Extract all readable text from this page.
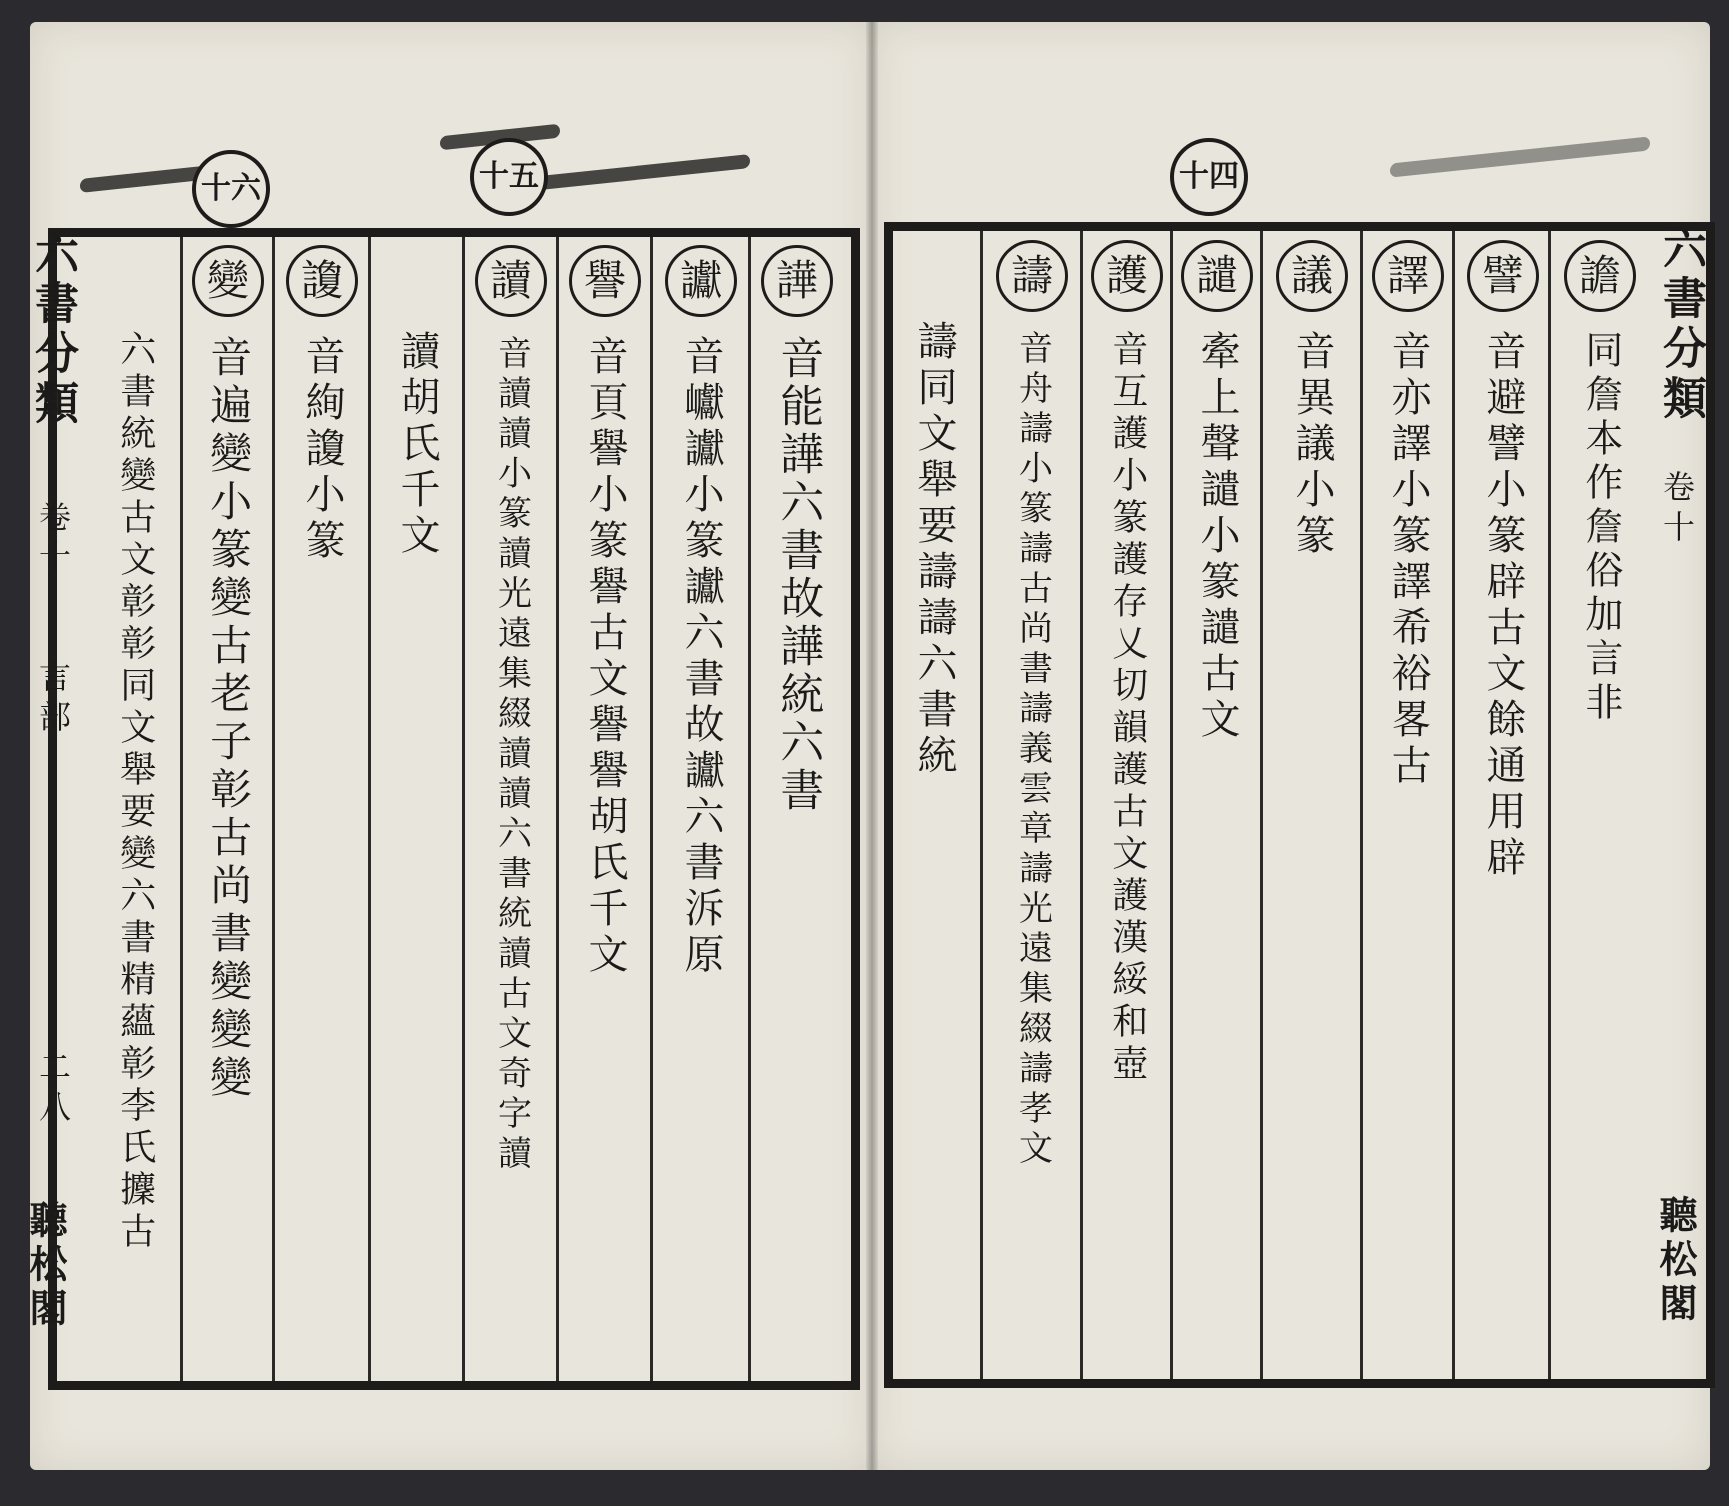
十六	十五	十四
六書分類
卷十
言部
二八
聽松閣
六書分類
卷十
聽松閣
譁
音能譁六書故譁統六書
讞
音巘讞小篆讞六書故讞六書泝原
譽
音頁譽小篆譽古文譽譽胡氏千文
讀
音讀讀小篆讀光遠集綴讀讀六書統讀古文奇字讀
讀胡氏千文
讂
音絢讂小篆
變
音遍變小篆變古老子彰古尚書變變變
六書統變古文彰彰同文舉要變六書精蘊彰李氏攈古
譫
同詹本作詹俗加言非
譬
音避譬小篆辟古文餘通用辟
譯
音亦譯小篆譯希裕畧古
議
音異議小篆
譴
牽上聲譴小篆譴古文
護
音互護小篆護存乂切韻護古文護漢綏和壺
譸
音舟譸小篆譸古尚書譸義雲章譸光遠集綴譸孝文
譸同文舉要譸譸六書統
